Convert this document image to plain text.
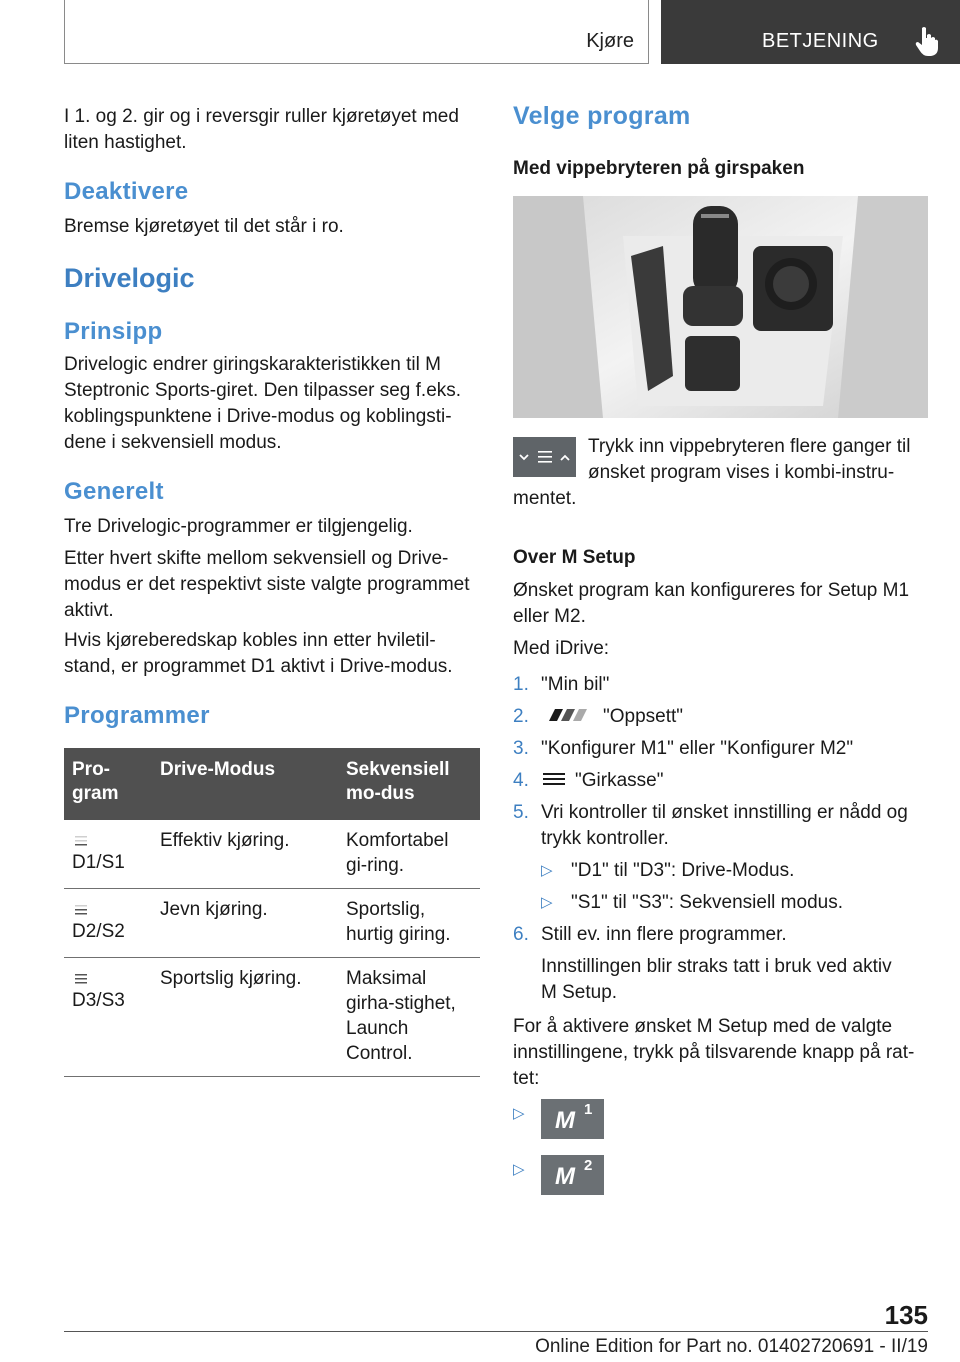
Kjøre	BETJENING

I 1. og 2. gir og i reversgir ruller kjøretøyet med liten hastighet.

Deaktivere

Bremse kjøretøyet til det står i ro.

Drivelogic
Prinsipp

Drivelogic endrer giringskarakteristikken til M Steptronic Sports-giret. Den tilpasser seg f.eks. koblingspunktene i Drive-modus og koblingsti-dene i sekvensiell modus.

Generelt

Tre Drivelogic-programmer er tilgjengelig.

Etter hvert skifte mellom sekvensiell og Drive-modus er det respektivt siste valgte programmet aktivt.

Hvis kjøreberedskap kobles inn etter hviletil-stand, er programmet D1 aktivt i Drive-modus.

Programmer
Pro-gram	Drive-Modus	Sekvensiell mo-dus

D1/S1	Effektiv kjøring.	Komfortabel gi-ring.

D2/S2	Jevn kjøring.	Sportslig, hurtig giring.

D3/S3	Sportslig kjøring.	Maksimal girha-stighet, Launch Control.
Velge program
Med vippebryteren på girspaken

Trykk inn vippebryteren flere ganger til ønsket program vises i kombi-instru-

mentet.

Over M Setup

Ønsket program kan konfigureres for Setup M1 eller M2.

Med iDrive:

1. "Min bil"
2.	"Oppsett"
3. "Konfigurer M1" eller "Konfigurer M2"
4. "Girkasse"
5. Vri kontroller til ønsket innstilling er nådd og trykk kontroller.
▷ "D1" til "D3": Drive-Modus.
▷ "S1" til "S3": Sekvensiell modus.
6. Still ev. inn flere programmer.
Innstillingen blir straks tatt i bruk ved aktiv M Setup.

For å aktivere ønsket M Setup med de valgte innstillingene, trykk på tilsvarende knapp på rat-tet:

▷ M 1
▷ M 2
135
Online Edition for Part no. 01402720691 - II/19
